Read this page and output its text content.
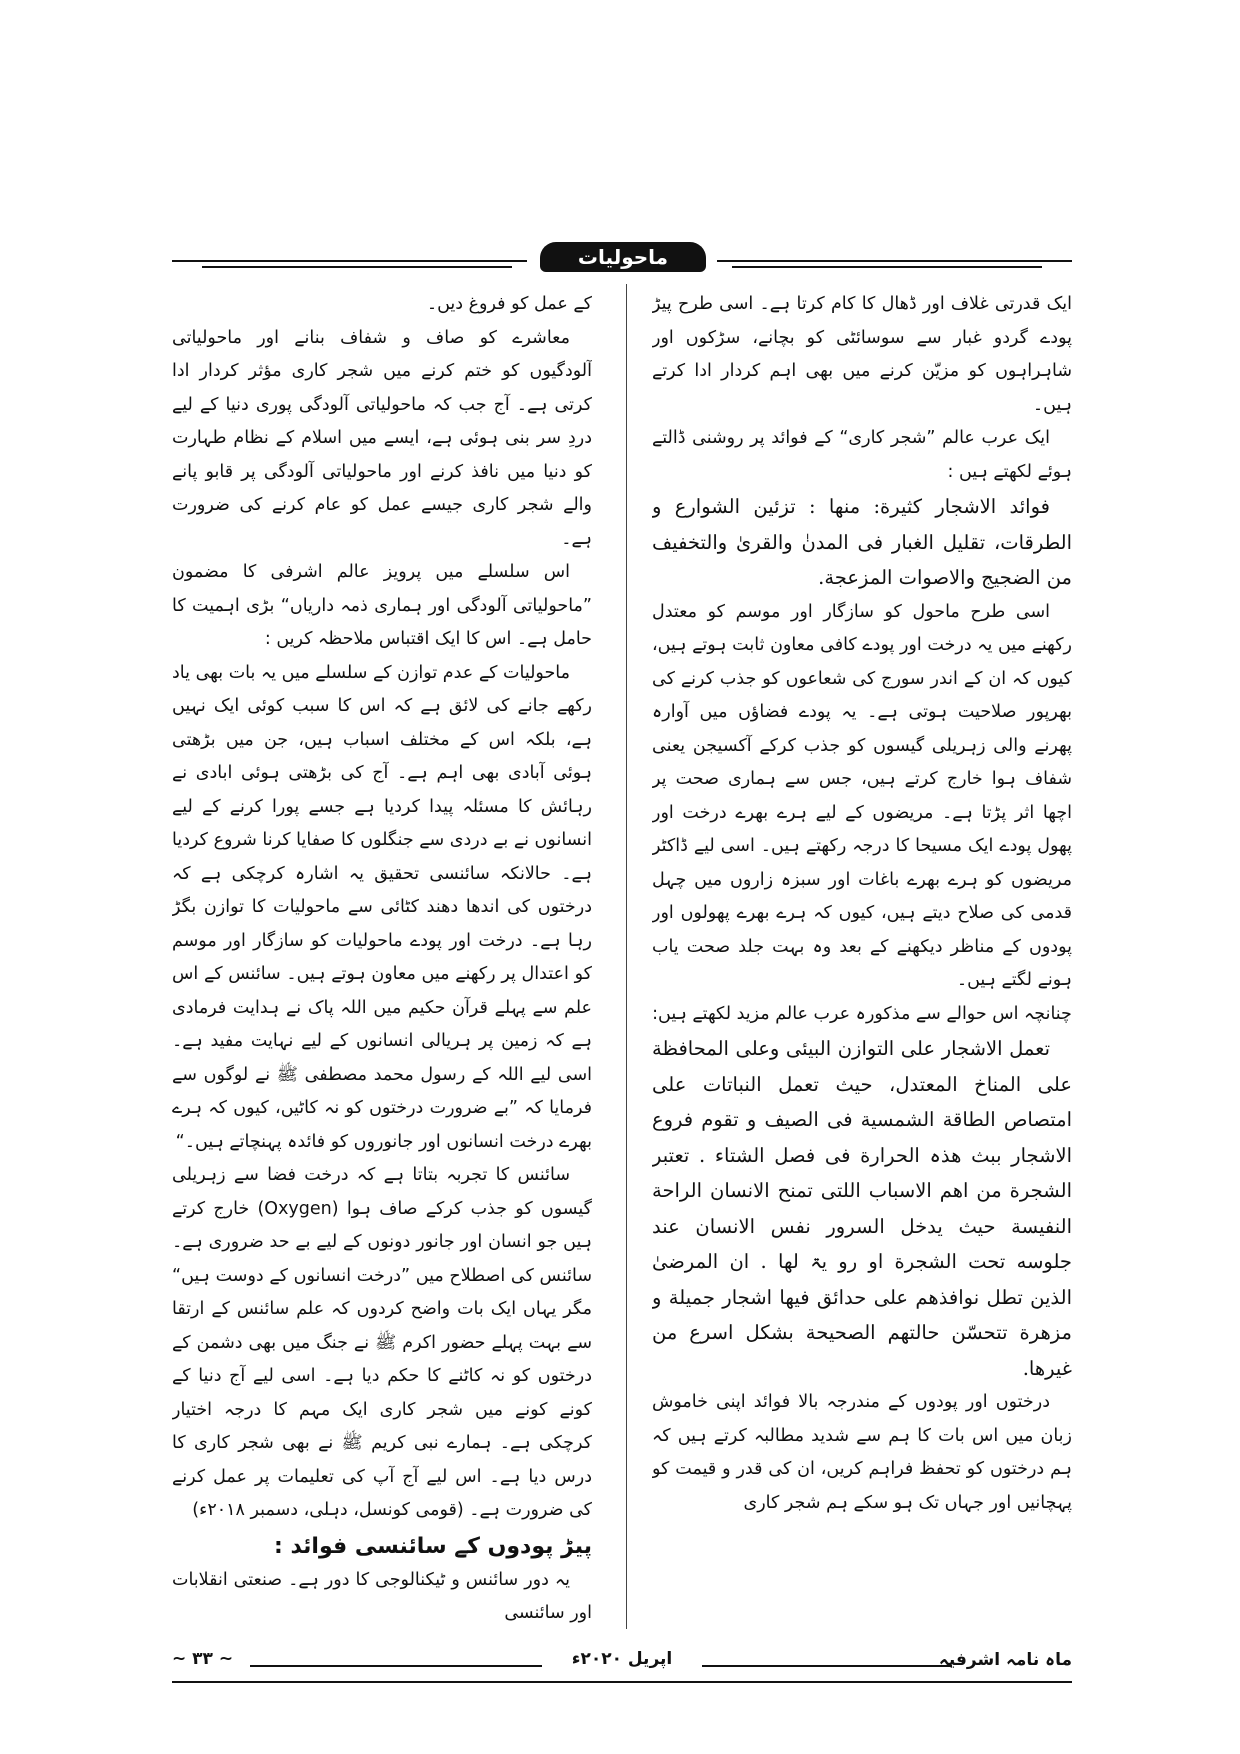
ماحولیات

ایک قدرتی غلاف اور ڈھال کا کام کرتا ہے۔ اسی طرح پیڑ پودے گردو غبار سے سوسائٹی کو بچانے، سڑکوں اور شاہراہوں کو مزیّن کرنے میں بھی اہم کردار ادا کرتے ہیں۔

ایک عرب عالم ”شجر کاری“ کے فوائد پر روشنی ڈالتے ہوئے لکھتے ہیں :

فوائد الاشجار کثیرة: منها : تزئین الشوارع و الطرقات، تقلیل الغبار فی المدنٰ والقریٰ والتخفیف من الضجیج والاصوات المزعجة.

اسی طرح ماحول کو سازگار اور موسم کو معتدل رکھنے میں یہ درخت اور پودے کافی معاون ثابت ہوتے ہیں، کیوں کہ ان کے اندر سورج کی شعاعوں کو جذب کرنے کی بھرپور صلاحیت ہوتی ہے۔ یہ پودے فضاؤں میں آوارہ پھرنے والی زہریلی گیسوں کو جذب کرکے آکسیجن یعنی شفاف ہوا خارج کرتے ہیں، جس سے ہماری صحت پر اچھا اثر پڑتا ہے۔ مریضوں کے لیے ہرے بھرے درخت اور پھول پودے ایک مسیحا کا درجہ رکھتے ہیں۔ اسی لیے ڈاکٹر مریضوں کو ہرے بھرے باغات اور سبزہ زاروں میں چہل قدمی کی صلاح دیتے ہیں، کیوں کہ ہرے بھرے پھولوں اور پودوں کے مناظر دیکھنے کے بعد وہ بہت جلد صحت یاب ہونے لگتے ہیں۔

چنانچہ اس حوالے سے مذکورہ عرب عالم مزید لکھتے ہیں:

تعمل الاشجار علی التوازن البیئی وعلی المحافظة علی المناخ المعتدل، حیث تعمل النباتات علی امتصاص الطاقة الشمسیة فی الصیف و تقوم فروع الاشجار ببث ھذہ الحرارة فی فصل الشتاء . تعتبر الشجرة من اھم الاسباب اللتی تمنح الانسان الراحة النفیسة حیث یدخل السرور نفس الانسان عند جلوسه تحت الشجرة او رو یۃ لھا . ان المرضیٰ الذین تطل نوافذھم علی حدائق فیھا اشجار جمیلة و مزھرة تتحسّن حالتھم الصحیحة بشکل اسرع من غیرھا.

درختوں اور پودوں کے مندرجہ بالا فوائد اپنی خاموش زبان میں اس بات کا ہم سے شدید مطالبہ کرتے ہیں کہ ہم درختوں کو تحفظ فراہم کریں، ان کی قدر و قیمت کو پہچانیں اور جہاں تک ہو سکے ہم شجر کاری

کے عمل کو فروغ دیں۔

معاشرے کو صاف و شفاف بنانے اور ماحولیاتی آلودگیوں کو ختم کرنے میں شجر کاری مؤثر کردار ادا کرتی ہے۔ آج جب کہ ماحولیاتی آلودگی پوری دنیا کے لیے دردِ سر بنی ہوئی ہے، ایسے میں اسلام کے نظام طہارت کو دنیا میں نافذ کرنے اور ماحولیاتی آلودگی پر قابو پانے والے شجر کاری جیسے عمل کو عام کرنے کی ضرورت ہے۔

اس سلسلے میں پرویز عالم اشرفی کا مضمون ”ماحولیاتی آلودگی اور ہماری ذمہ داریاں“ بڑی اہمیت کا حامل ہے۔ اس کا ایک اقتباس ملاحظہ کریں :

ماحولیات کے عدم توازن کے سلسلے میں یہ بات بھی یاد رکھے جانے کی لائق ہے کہ اس کا سبب کوئی ایک نہیں ہے، بلکہ اس کے مختلف اسباب ہیں، جن میں بڑھتی ہوئی آبادی بھی اہم ہے۔ آج کی بڑھتی ہوئی ابادی نے رہائش کا مسئلہ پیدا کردیا ہے جسے پورا کرنے کے لیے انسانوں نے بے دردی سے جنگلوں کا صفایا کرنا شروع کردیا ہے۔ حالانکہ سائنسی تحقیق یہ اشارہ کرچکی ہے کہ درختوں کی اندھا دھند کٹائی سے ماحولیات کا توازن بگڑ رہا ہے۔ درخت اور پودے ماحولیات کو سازگار اور موسم کو اعتدال پر رکھنے میں معاون ہوتے ہیں۔ سائنس کے اس علم سے پہلے قرآن حکیم میں اللہ پاک نے ہدایت فرمادی ہے کہ زمین پر ہریالی انسانوں کے لیے نہایت مفید ہے۔ اسی لیے اللہ کے رسول محمد مصطفی ﷺ نے لوگوں سے فرمایا کہ ”بے ضرورت درختوں کو نہ کاٹیں، کیوں کہ ہرے بھرے درخت انسانوں اور جانوروں کو فائدہ پہنچاتے ہیں۔“

سائنس کا تجربہ بتاتا ہے کہ درخت فضا سے زہریلی گیسوں کو جذب کرکے صاف ہوا (Oxygen) خارج کرتے ہیں جو انسان اور جانور دونوں کے لیے بے حد ضروری ہے۔ سائنس کی اصطلاح میں ”درخت انسانوں کے دوست ہیں“ مگر یہاں ایک بات واضح کردوں کہ علم سائنس کے ارتقا سے بہت پہلے حضور اکرم ﷺ نے جنگ میں بھی دشمن کے درختوں کو نہ کاٹنے کا حکم دیا ہے۔ اسی لیے آج دنیا کے کونے کونے میں شجر کاری ایک مہم کا درجہ اختیار کرچکی ہے۔ ہمارے نبی کریم ﷺ نے بھی شجر کاری کا درس دیا ہے۔ اس لیے آج آپ کی تعلیمات پر عمل کرنے کی ضرورت ہے۔ (قومی کونسل، دہلی، دسمبر ۲۰۱۸ء)

پیڑ پودوں کے سائنسی فوائد :

یہ دور سائنس و ٹیکنالوجی کا دور ہے۔ صنعتی انقلابات اور سائنسی

~ ۳۳ ~	اپریل ۲۰۲۰ء	ماہ نامہ اشرفیہ
